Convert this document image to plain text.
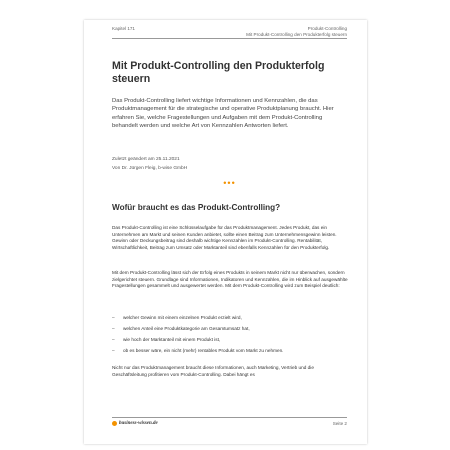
Kapitel 171	Produkt-Controlling
Mit Produkt-Controlling den Produkterfolg steuern
Mit Produkt-Controlling den Produkterfolg steuern
Das Produkt-Controlling liefert wichtige Informationen und Kennzahlen, die das Produktmanagement für die strategische und operative Produktplanung braucht. Hier erfahren Sie, welche Fragestellungen und Aufgaben mit dem Produkt-Controlling behandelt werden und welche Art von Kennzahlen Antworten liefert.
Zuletzt geändert am 25.11.2021
Von Dr. Jürgen Fleig, b-wise GmbH
•••
Wofür braucht es das Produkt-Controlling?

Das Produkt-Controlling ist eine Schlüsselaufgabe für das Produktmanagement. Jedes Produkt, das ein Unternehmen am Markt und seinen Kunden anbietet, sollte einen Beitrag zum Unternehmensgewinn leisten. Gewinn oder Deckungsbeitrag sind deshalb wichtige Kennzahlen im Produkt-Controlling. Rentabilität, Wirtschaftlichkeit, Beitrag zum Umsatz oder Marktanteil sind ebenfalls Kennzahlen für den Produkterfolg.

Mit dem Produkt-Controlling lässt sich der Erfolg eines Produkts in seinem Markt nicht nur überwachen, sondern zielgerichtet steuern. Grundlage sind Informationen, Indikatoren und Kennzahlen, die im Hinblick auf ausgewählte Fragestellungen gesammelt und ausgewertet werden. Mit dem Produkt-Controlling wird zum Beispiel deutlich:

– welcher Gewinn mit einem einzelnen Produkt erzielt wird,
– welchen Anteil eine Produktkategorie am Gesamtumsatz hat,
– wie hoch der Marktanteil mit einem Produkt ist,
– ob es besser wäre, ein nicht (mehr) rentables Produkt vom Markt zu nehmen.

Nicht nur das Produktmanagement braucht diese Informationen, auch Marketing, Vertrieb und die Geschäftsleitung profitieren vom Produkt-Controlling. Dabei hängt es

business-wissen.de	Seite 2
